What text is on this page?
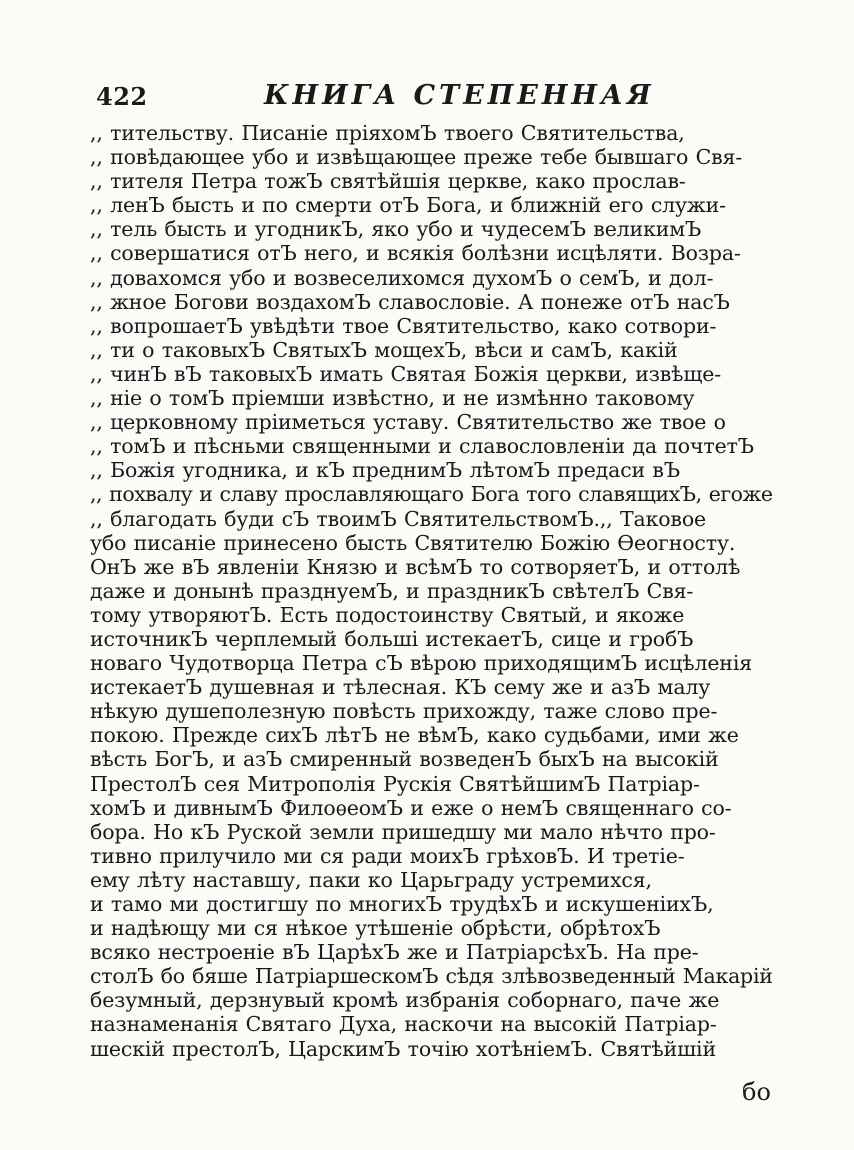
422	КНИГА СТЕПЕННАЯ
,, тительству. Писаніе пріяхомЪ твоего Святительства,
,, повѣдающее убо и извѣщающее преже тебе бывшаго Свя-
,, тителя Петра тожЪ святѣйшія церкве, како прослав-
,, ленЪ бысть и по смерти отЪ Бога, и ближній его служи-
,, тель бысть и угодникЪ, яко убо и чудесемЪ великимЪ
,, совершатися отЪ него, и всякія болѣзни исцѣляти. Возра-
,, довахомся убо и возвеселихомся духомЪ о семЪ, и дол-
,, жное Богови воздахомЪ славословіе. А понеже отЪ насЪ
,, вопрошаетЪ увѣдѣти твое Святительство, како сотвори-
,, ти о таковыхЪ СвятыхЪ мощехЪ, вѣси и самЪ, какій
,, чинЪ вЪ таковыхЪ имать Святая Божія церкви, извѣще-
,, ніе о томЪ пріемши извѣстно, и не измѣнно таковому
,, церковному пріиметься уставу. Святительство же твое о
,, томЪ и пѣсньми священными и славословленіи да почтетЪ
,, Божія угодника, и кЪ преднимЪ лѣтомЪ предаси вЪ
,, похвалу и славу прославляющаго Бога того славящихЪ, егоже
,, благодать буди сЪ твоимЪ СвятительствомЪ.,, Таковое
убо писаніе принесено бысть Святителю Божію Ѳеогносту.
ОнЪ же вЪ явленіи Князю и всѣмЪ то сотворяетЪ, и оттолѣ
даже и донынѣ празднуемЪ, и праздникЪ свѣтелЪ Свя-
тому утворяютЪ. Есть подостоинству Святый, и якоже
источникЪ черплемый больші истекаетЪ, сице и гробЪ
новаго Чудотворца Петра сЪ вѣрою приходящимЪ исцѣленія
истекаетЪ душевная и тѣлесная. КЪ сему же и азЪ малу
нѣкую душеполезную повѣсть прихожду, таже слово пре-
покою. Прежде сихЪ лѣтЪ не вѣмЪ, како судьбами, ими же
вѣсть БогЪ, и азЪ смиренный возведенЪ быхЪ на высокій
ПрестолЪ сея Митрополія Рускія СвятѣйшимЪ Патріар-
хомЪ и дивнымЪ ФилоѳеомЪ и еже о немЪ священнаго со-
бора. Но кЪ Руской земли пришедшу ми мало нѣчто про-
тивно прилучило ми ся ради моихЪ грѣховЪ. И третіе-
ему лѣту наставшу, паки ко Царьграду устремихся,
и тамо ми достигшу по многихЪ трудѣхЪ и искушеніихЪ,
и надѣющу ми ся нѣкое утѣшеніе обрѣсти, обрѣтохЪ
всяко нестроеніе вЪ ЦарѣхЪ же и ПатріарсѣхЪ. На пре-
столЪ бо бяше ПатріаршескомЪ сѣдя злѣвозведенный Макарій
безумный, дерзнувый кромѣ избранія соборнаго, паче же
назнаменанія Святаго Духа, наскочи на высокій Патріар-
шескій престолЪ, ЦарскимЪ точію хотѣніемЪ. Святѣйшій
бо
